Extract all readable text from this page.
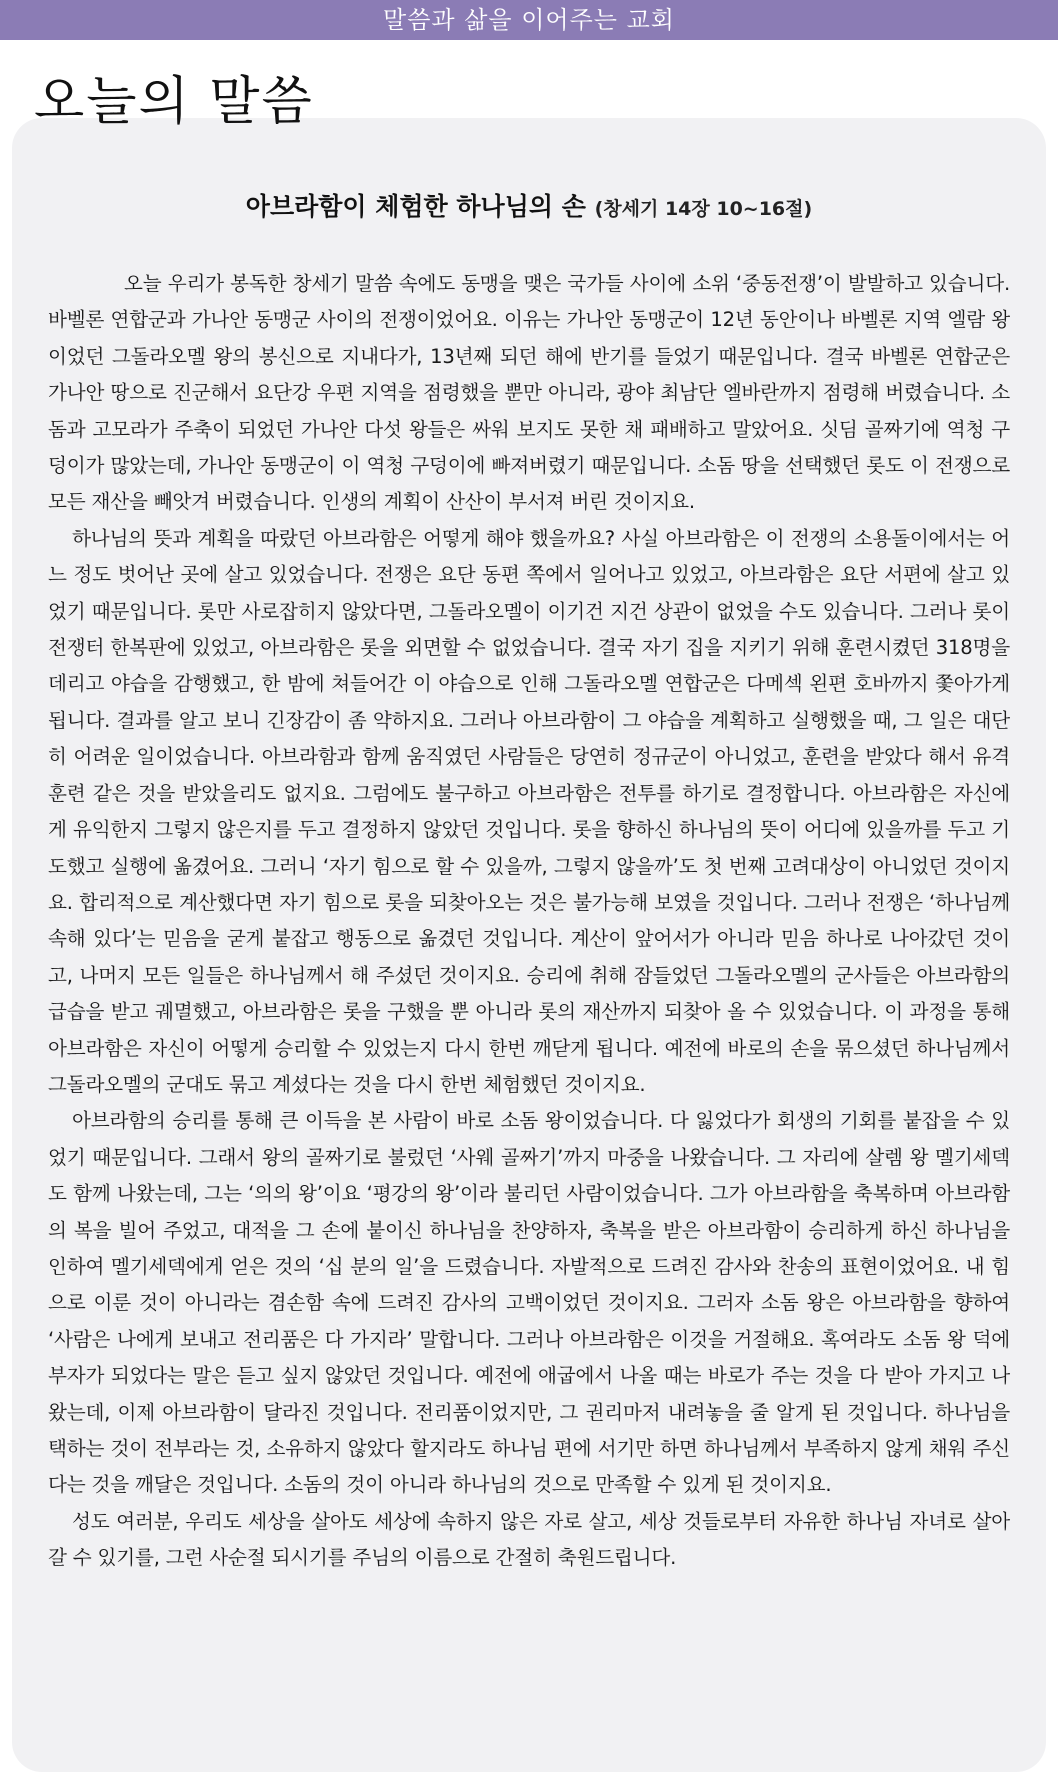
말씀과 삶을 이어주는 교회
오늘의 말씀
아브라함이 체험한 하나님의 손 (창세기 14장 10~16절)

오늘 우리가 봉독한 창세기 말씀 속에도 동맹을 맺은 국가들 사이에 소위 ‘중동전쟁’이 발발하고 있습니다. 바벨론 연합군과 가나안 동맹군 사이의 전쟁이었어요. 이유는 가나안 동맹군이 12년 동안이나 바벨론 지역 엘람 왕이었던 그돌라오멜 왕의 봉신으로 지내다가, 13년째 되던 해에 반기를 들었기 때문입니다. 결국 바벨론 연합군은 가나안 땅으로 진군해서 요단강 우편 지역을 점령했을 뿐만 아니라, 광야 최남단 엘바란까지 점령해 버렸습니다. 소돔과 고모라가 주축이 되었던 가나안 다섯 왕들은 싸워 보지도 못한 채 패배하고 말았어요. 싯딤 골짜기에 역청 구덩이가 많았는데, 가나안 동맹군이 이 역청 구덩이에 빠져버렸기 때문입니다. 소돔 땅을 선택했던 롯도 이 전쟁으로 모든 재산을 빼앗겨 버렸습니다. 인생의 계획이 산산이 부서져 버린 것이지요.

하나님의 뜻과 계획을 따랐던 아브라함은 어떻게 해야 했을까요? 사실 아브라함은 이 전쟁의 소용돌이에서는 어느 정도 벗어난 곳에 살고 있었습니다. 전쟁은 요단 동편 쪽에서 일어나고 있었고, 아브라함은 요단 서편에 살고 있었기 때문입니다. 롯만 사로잡히지 않았다면, 그돌라오멜이 이기건 지건 상관이 없었을 수도 있습니다. 그러나 롯이 전쟁터 한복판에 있었고, 아브라함은 롯을 외면할 수 없었습니다. 결국 자기 집을 지키기 위해 훈련시켰던 318명을 데리고 야습을 감행했고, 한 밤에 쳐들어간 이 야습으로 인해 그돌라오멜 연합군은 다메섹 왼편 호바까지 쫓아가게 됩니다. 결과를 알고 보니 긴장감이 좀 약하지요. 그러나 아브라함이 그 야습을 계획하고 실행했을 때, 그 일은 대단히 어려운 일이었습니다. 아브라함과 함께 움직였던 사람들은 당연히 정규군이 아니었고, 훈련을 받았다 해서 유격훈련 같은 것을 받았을리도 없지요. 그럼에도 불구하고 아브라함은 전투를 하기로 결정합니다. 아브라함은 자신에게 유익한지 그렇지 않은지를 두고 결정하지 않았던 것입니다. 롯을 향하신 하나님의 뜻이 어디에 있을까를 두고 기도했고 실행에 옮겼어요. 그러니 ‘자기 힘으로 할 수 있을까, 그렇지 않을까’도 첫 번째 고려대상이 아니었던 것이지요. 합리적으로 계산했다면 자기 힘으로 롯을 되찾아오는 것은 불가능해 보였을 것입니다. 그러나 전쟁은 ‘하나님께 속해 있다’는 믿음을 굳게 붙잡고 행동으로 옮겼던 것입니다. 계산이 앞어서가 아니라 믿음 하나로 나아갔던 것이고, 나머지 모든 일들은 하나님께서 해 주셨던 것이지요. 승리에 취해 잠들었던 그돌라오멜의 군사들은 아브라함의 급습을 받고 궤멸했고, 아브라함은 롯을 구했을 뿐 아니라 롯의 재산까지 되찾아 올 수 있었습니다. 이 과정을 통해 아브라함은 자신이 어떻게 승리할 수 있었는지 다시 한번 깨닫게 됩니다. 예전에 바로의 손을 묶으셨던 하나님께서 그돌라오멜의 군대도 묶고 계셨다는 것을 다시 한번 체험했던 것이지요.

아브라함의 승리를 통해 큰 이득을 본 사람이 바로 소돔 왕이었습니다. 다 잃었다가 회생의 기회를 붙잡을 수 있었기 때문입니다. 그래서 왕의 골짜기로 불렀던 ‘사웨 골짜기’까지 마중을 나왔습니다. 그 자리에 살렘 왕 멜기세덱도 함께 나왔는데, 그는 ‘의의 왕’이요 ‘평강의 왕’이라 불리던 사람이었습니다. 그가 아브라함을 축복하며 아브라함의 복을 빌어 주었고, 대적을 그 손에 붙이신 하나님을 찬양하자, 축복을 받은 아브라함이 승리하게 하신 하나님을 인하여 멜기세덱에게 얻은 것의 ‘십 분의 일’을 드렸습니다. 자발적으로 드려진 감사와 찬송의 표현이었어요. 내 힘으로 이룬 것이 아니라는 겸손함 속에 드려진 감사의 고백이었던 것이지요. 그러자 소돔 왕은 아브라함을 향하여 ‘사람은 나에게 보내고 전리품은 다 가지라’ 말합니다. 그러나 아브라함은 이것을 거절해요. 혹여라도 소돔 왕 덕에 부자가 되었다는 말은 듣고 싶지 않았던 것입니다. 예전에 애굽에서 나올 때는 바로가 주는 것을 다 받아 가지고 나왔는데, 이제 아브라함이 달라진 것입니다. 전리품이었지만, 그 권리마저 내려놓을 줄 알게 된 것입니다. 하나님을 택하는 것이 전부라는 것, 소유하지 않았다 할지라도 하나님 편에 서기만 하면 하나님께서 부족하지 않게 채워 주신다는 것을 깨달은 것입니다. 소돔의 것이 아니라 하나님의 것으로 만족할 수 있게 된 것이지요.

성도 여러분, 우리도 세상을 살아도 세상에 속하지 않은 자로 살고, 세상 것들로부터 자유한 하나님 자녀로 살아갈 수 있기를, 그런 사순절 되시기를 주님의 이름으로 간절히 축원드립니다.
